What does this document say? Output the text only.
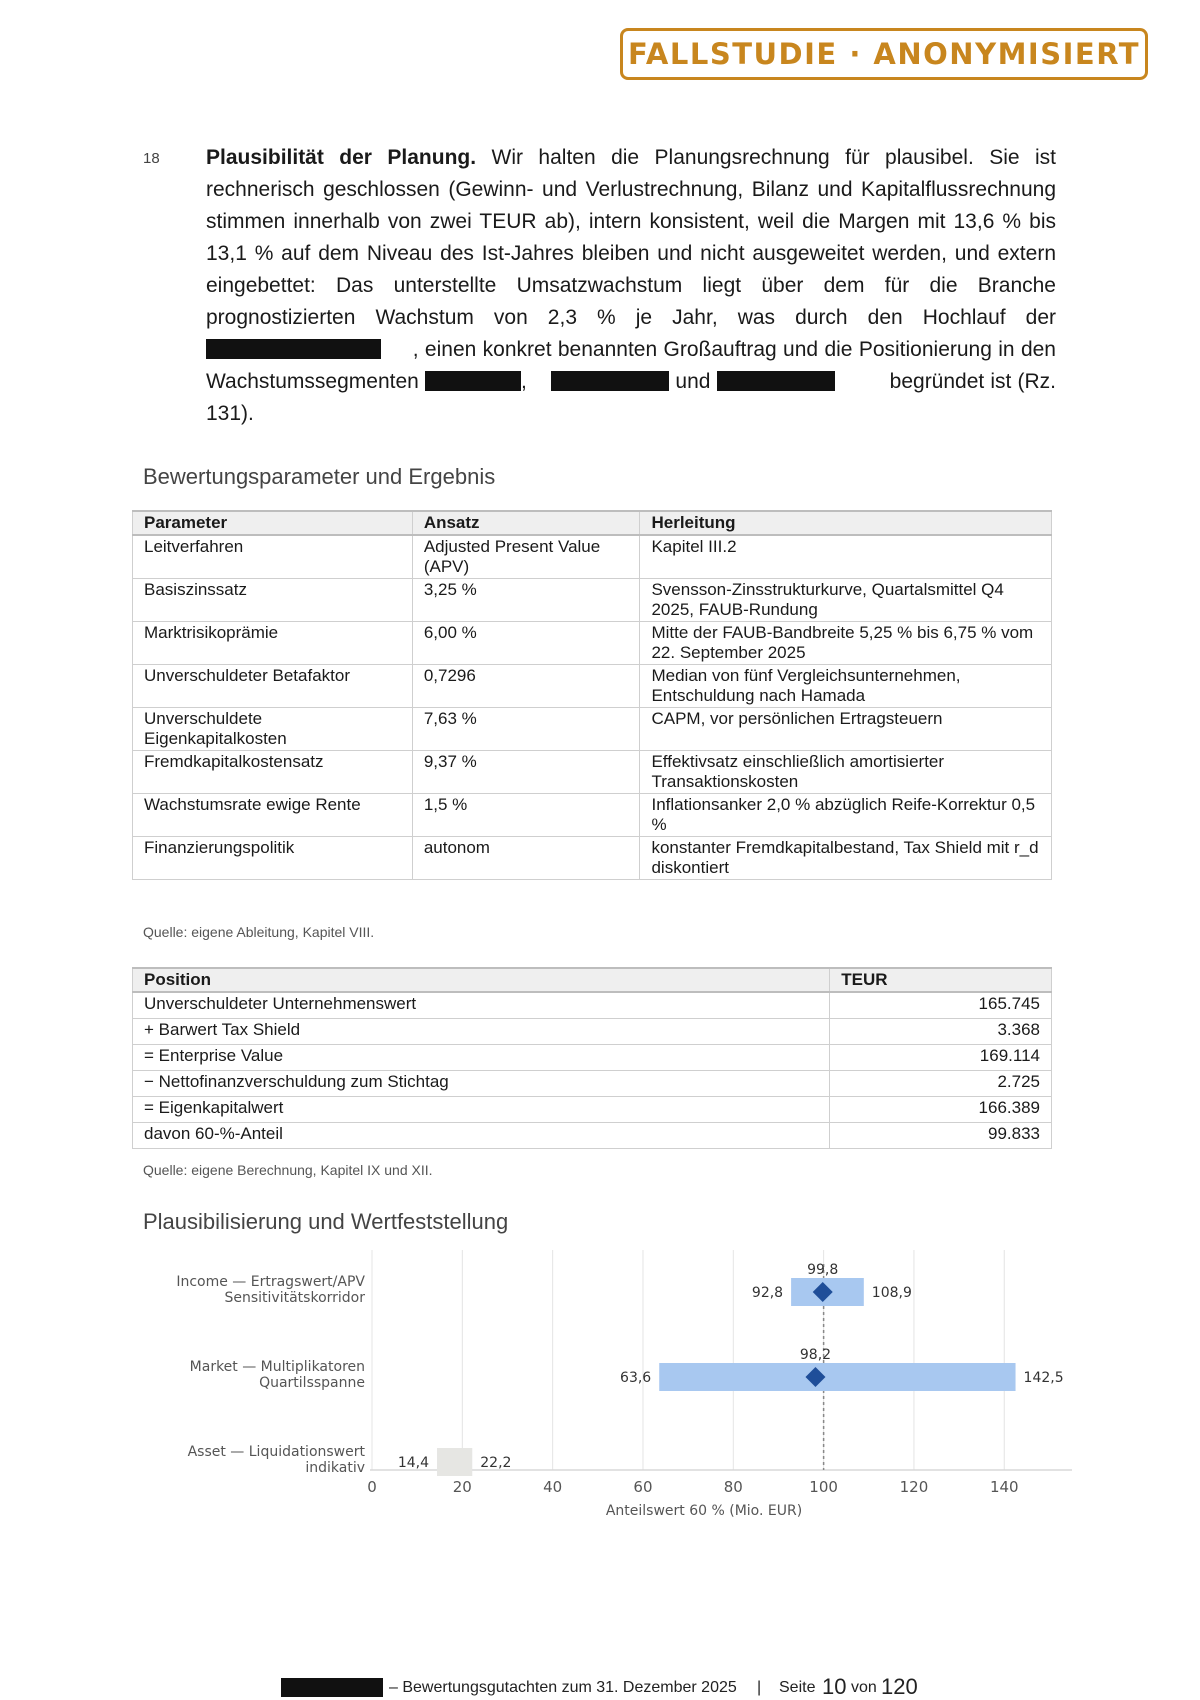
FALLSTUDIE · ANONYMISIERT
18 Plausibilität der Planung. Wir halten die Planungsrechnung für plausibel. Sie ist rechnerisch geschlossen (Gewinn- und Verlustrechnung, Bilanz und Kapitalflussrechnung stimmen innerhalb von zwei TEUR ab), intern konsistent, weil die Margen mit 13,6 % bis 13,1 % auf dem Niveau des Ist-Jahres bleiben und nicht ausgeweitet werden, und extern eingebettet: Das unterstellte Umsatzwachstum liegt über dem für die Branche prognostizierten Wachstum von 2,3 % je Jahr, was durch den Hochlauf der      , einen konkret benannten Großauftrag und die Positionierung in den Wachstumssegmenten	,	und	begründet ist (Rz. 131).
Bewertungsparameter und Ergebnis
Parameter	Ansatz	Herleitung
Leitverfahren	Adjusted Present Value (APV)	Kapitel III.2
Basiszinssatz	3,25 %	Svensson-Zinsstrukturkurve, Quartalsmittel Q4 2025, FAUB-Rundung
Marktrisikoprämie	6,00 %	Mitte der FAUB-Bandbreite 5,25 % bis 6,75 % vom 22. September 2025
Unverschuldeter Betafaktor	0,7296	Median von fünf Vergleichsunternehmen, Entschuldung nach Hamada
Unverschuldete Eigenkapitalkosten	7,63 %	CAPM, vor persönlichen Ertragsteuern
Fremdkapitalkostensatz	9,37 %	Effektivsatz einschließlich amortisierter Transaktionskosten
Wachstumsrate ewige Rente	1,5 %	Inflationsanker 2,0 % abzüglich Reife-Korrektur 0,5 %
Finanzierungspolitik	autonom	konstanter Fremdkapitalbestand, Tax Shield mit r_d diskontiert
Quelle: eigene Ableitung, Kapitel VIII.
Position	TEUR
Unverschuldeter Unternehmenswert	165.745
+ Barwert Tax Shield	3.368
= Enterprise Value	169.114
− Nettofinanzverschuldung zum Stichtag	2.725
= Eigenkapitalwert	166.389
davon 60-%-Anteil	99.833
Quelle: eigene Berechnung, Kapitel IX und XII.
Plausibilisierung und Wertfeststellung
0	20	40	60	80	100	120	140
92,8	108,9
99,8
Income — Ertragswert/APV
Sensitivitätskorridor
63,6	142,5
98,2
Market — Multiplikatoren
Quartilsspanne
14,4	22,2
Asset — Liquidationswert
indikativ
Anteilswert 60 % (Mio. EUR)
– Bewertungsgutachten zum 31. Dezember 2025 | Seite 10 von 120
